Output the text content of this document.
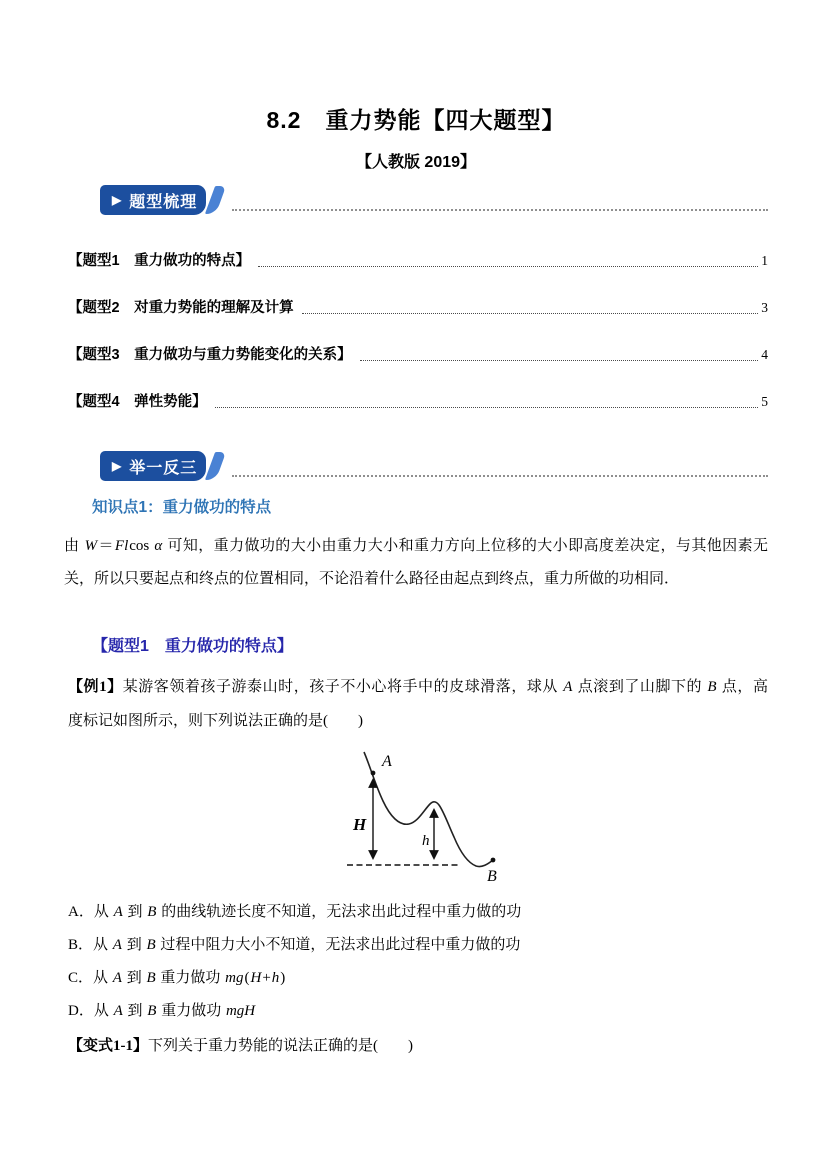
8.2　重力势能【四大题型】
【人教版 2019】
▶ 题型梳理
【题型1　重力做功的特点】	1
【题型2　对重力势能的理解及计算	3
【题型3　重力做功与重力势能变化的关系】	4
【题型4　弹性势能】	5
▶ 举一反三
知识点1：重力做功的特点

由 W＝Flcos α 可知，重力做功的大小由重力大小和重力方向上位移的大小即高度差决定，与其他因素无

关，所以只要起点和终点的位置相同，不论沿着什么路径由起点到终点，重力所做的功相同．

【题型1　重力做功的特点】

【例1】某游客领着孩子游泰山时，孩子不小心将手中的皮球滑落，球从 A 点滚到了山脚下的 B 点，高

度标记如图所示，则下列说法正确的是(　　)

A
H
h
B

A．从 A 到 B 的曲线轨迹长度不知道，无法求出此过程中重力做的功

B．从 A 到 B 过程中阻力大小不知道，无法求出此过程中重力做的功

C．从 A 到 B 重力做功 mg(H+h)

D．从 A 到 B 重力做功 mgH

【变式1-1】下列关于重力势能的说法正确的是(　　)
